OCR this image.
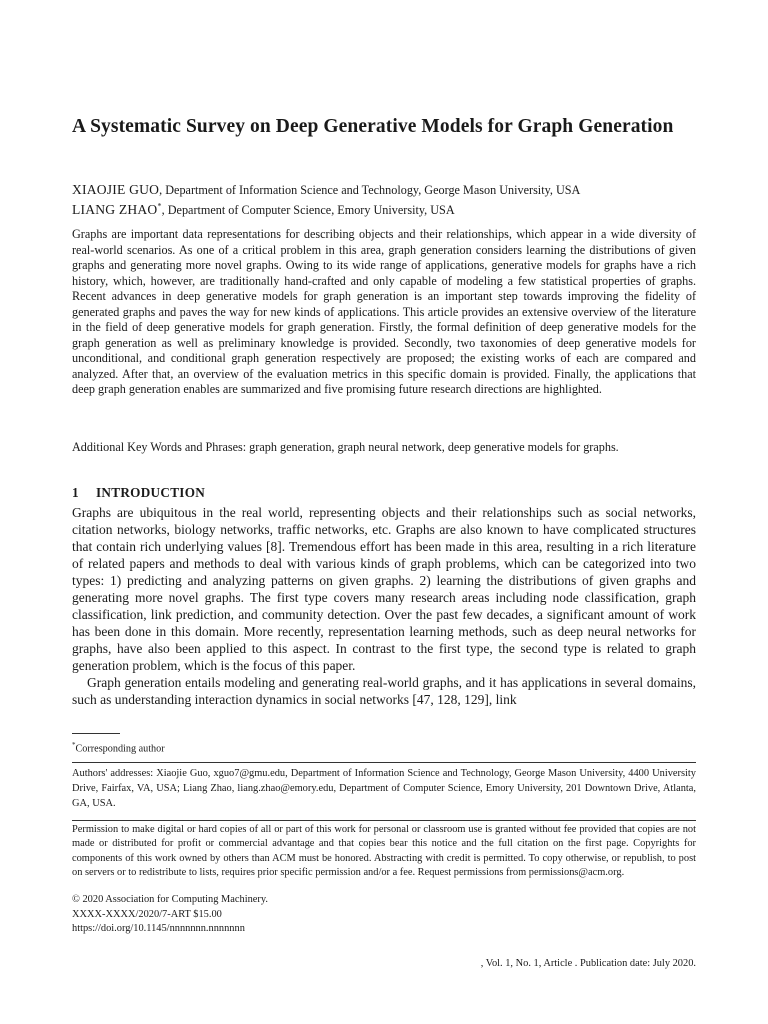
A Systematic Survey on Deep Generative Models for Graph Generation
XIAOJIE GUO, Department of Information Science and Technology, George Mason University, USA
LIANG ZHAO*, Department of Computer Science, Emory University, USA

Graphs are important data representations for describing objects and their relationships, which appear in a wide diversity of real-world scenarios. As one of a critical problem in this area, graph generation considers learning the distributions of given graphs and generating more novel graphs. Owing to its wide range of applications, generative models for graphs have a rich history, which, however, are traditionally hand-crafted and only capable of modeling a few statistical properties of graphs. Recent advances in deep generative models for graph generation is an important step towards improving the fidelity of generated graphs and paves the way for new kinds of applications. This article provides an extensive overview of the literature in the field of deep generative models for graph generation. Firstly, the formal definition of deep generative models for the graph generation as well as preliminary knowledge is provided. Secondly, two taxonomies of deep generative models for unconditional, and conditional graph generation respectively are proposed; the existing works of each are compared and analyzed. After that, an overview of the evaluation metrics in this specific domain is provided. Finally, the applications that deep graph generation enables are summarized and five promising future research directions are highlighted.

Additional Key Words and Phrases: graph generation, graph neural network, deep generative models for graphs.

1 INTRODUCTION

Graphs are ubiquitous in the real world, representing objects and their relationships such as social networks, citation networks, biology networks, traffic networks, etc. Graphs are also known to have complicated structures that contain rich underlying values [8]. Tremendous effort has been made in this area, resulting in a rich literature of related papers and methods to deal with various kinds of graph problems, which can be categorized into two types: 1) predicting and analyzing patterns on given graphs. 2) learning the distributions of given graphs and generating more novel graphs. The first type covers many research areas including node classification, graph classification, link prediction, and community detection. Over the past few decades, a significant amount of work has been done in this domain. More recently, representation learning methods, such as deep neural networks for graphs, have also been applied to this aspect. In contrast to the first type, the second type is related to graph generation problem, which is the focus of this paper.

Graph generation entails modeling and generating real-world graphs, and it has applications in several domains, such as understanding interaction dynamics in social networks [47, 128, 129], link

*Corresponding author

Authors' addresses: Xiaojie Guo, xguo7@gmu.edu, Department of Information Science and Technology, George Mason University, 4400 University Drive, Fairfax, VA, USA; Liang Zhao, liang.zhao@emory.edu, Department of Computer Science, Emory University, 201 Downtown Drive, Atlanta, GA, USA.

Permission to make digital or hard copies of all or part of this work for personal or classroom use is granted without fee provided that copies are not made or distributed for profit or commercial advantage and that copies bear this notice and the full citation on the first page. Copyrights for components of this work owned by others than ACM must be honored. Abstracting with credit is permitted. To copy otherwise, or republish, to post on servers or to redistribute to lists, requires prior specific permission and/or a fee. Request permissions from permissions@acm.org.

© 2020 Association for Computing Machinery.
XXXX-XXXX/2020/7-ART $15.00
https://doi.org/10.1145/nnnnnnn.nnnnnnn
, Vol. 1, No. 1, Article . Publication date: July 2020.
